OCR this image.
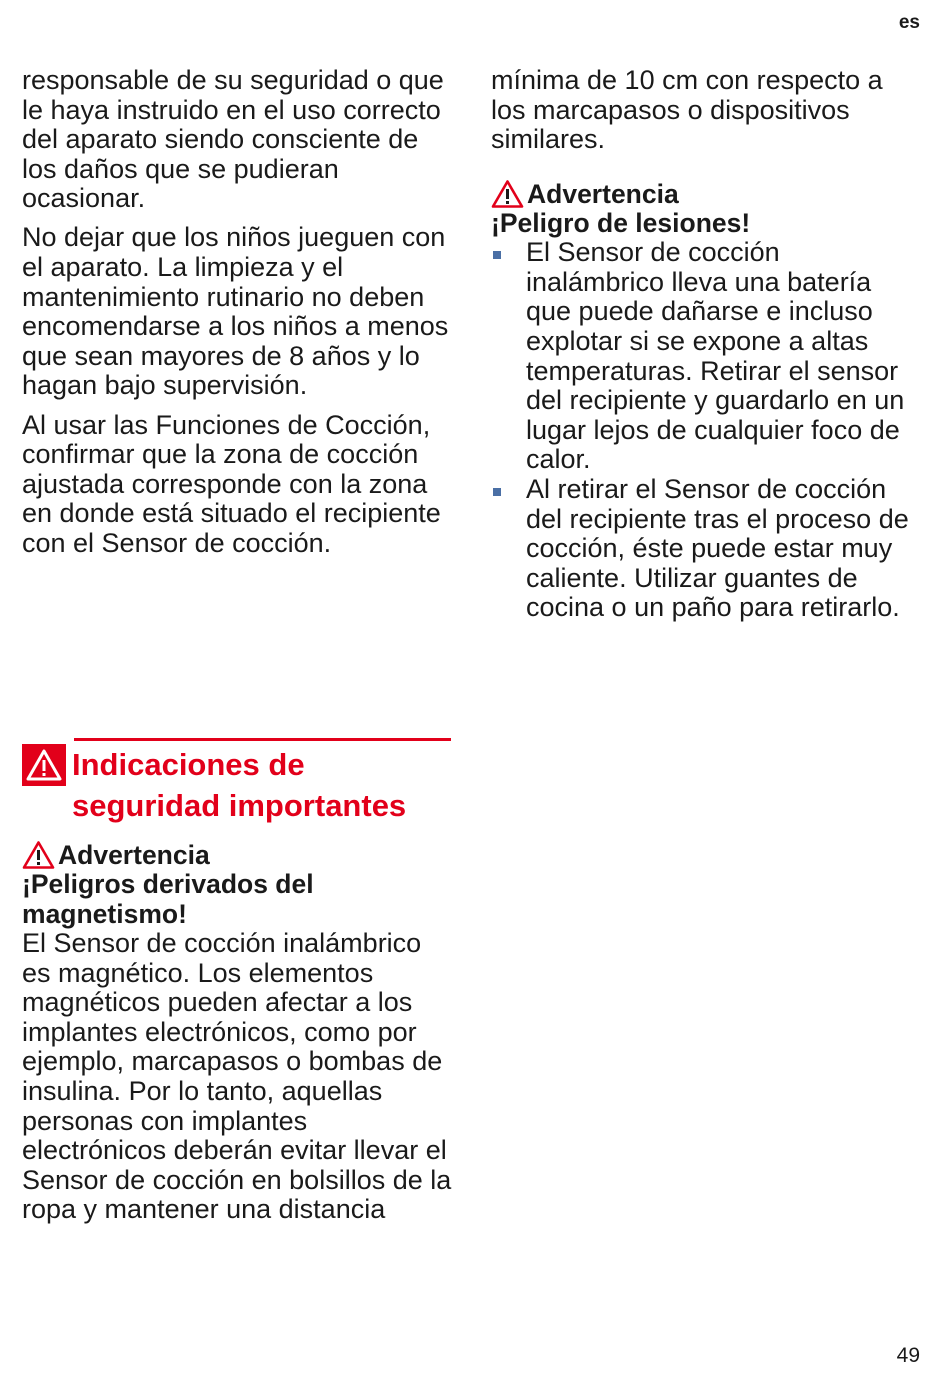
es

responsable de su seguridad o que le haya instruido en el uso correcto del aparato siendo consciente de los daños que se pudieran ocasionar.

No dejar que los niños jueguen con el aparato. La limpieza y el mantenimiento rutinario no deben encomendarse a los niños a menos que sean mayores de 8 años y lo hagan bajo supervisión.

Al usar las Funciones de Cocción, confirmar que la zona de cocción ajustada corresponde con la zona en donde está situado el recipiente con el Sensor de cocción.

Indicaciones de seguridad importantes
Advertencia
¡Peligros derivados del magnetismo!
El Sensor de cocción inalámbrico es magnético. Los elementos magnéticos pueden afectar a los implantes electrónicos, como por ejemplo, marcapasos o bombas de insulina. Por lo tanto, aquellas personas con implantes electrónicos deberán evitar llevar el Sensor de cocción en bolsillos de la ropa y mantener una distancia

mínima de 10 cm con respecto a los marcapasos o dispositivos similares.

Advertencia
¡Peligro de lesiones!
El Sensor de cocción inalámbrico lleva una batería que puede dañarse e incluso explotar si se expone a altas temperaturas. Retirar el sensor del recipiente y guardarlo en un lugar lejos de cualquier foco de calor.
Al retirar el Sensor de cocción del recipiente tras el proceso de cocción, éste puede estar muy caliente. Utilizar guantes de cocina o un paño para retirarlo.
49
